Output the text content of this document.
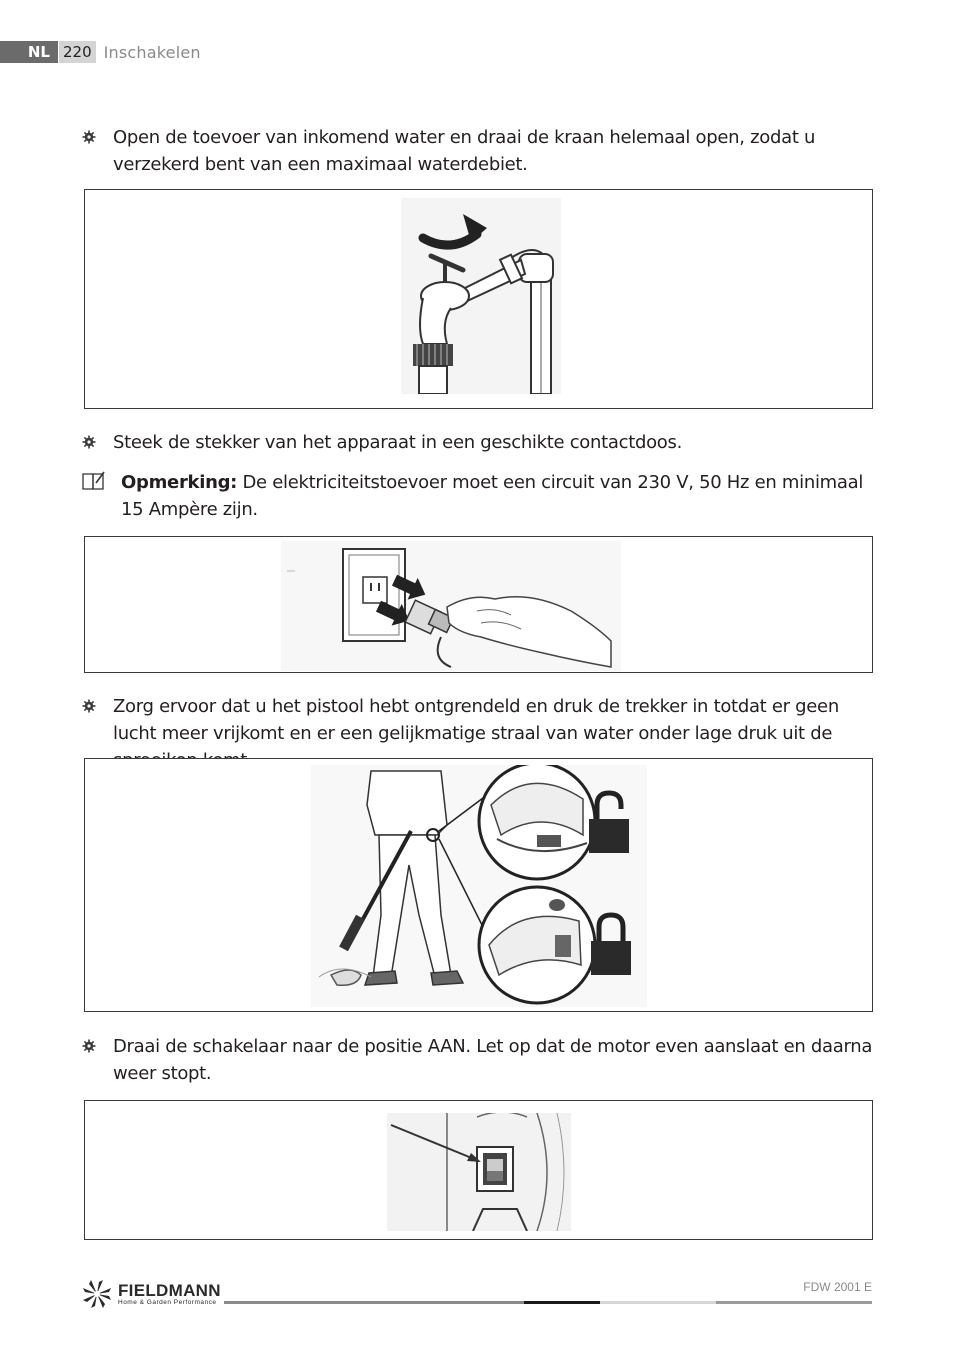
NL 220 Inschakelen
Open de toevoer van inkomend water en draai de kraan helemaal open, zodat u verzekerd bent van een maximaal waterdebiet.
Steek de stekker van het apparaat in een geschikte contactdoos.
Opmerking: De elektriciteitstoevoer moet een circuit van 230 V, 50 Hz en minimaal 15 Ampère zijn.
Zorg ervoor dat u het pistool hebt ontgrendeld en druk de trekker in totdat er geen lucht meer vrijkomt en er een gelijkmatige straal van water onder lage druk uit de
Draai de schakelaar naar de positie AAN. Let op dat de motor even aanslaat en daarna weer stopt.
FIELDMANN
Home & Garden Performance
FDW 2001 E
